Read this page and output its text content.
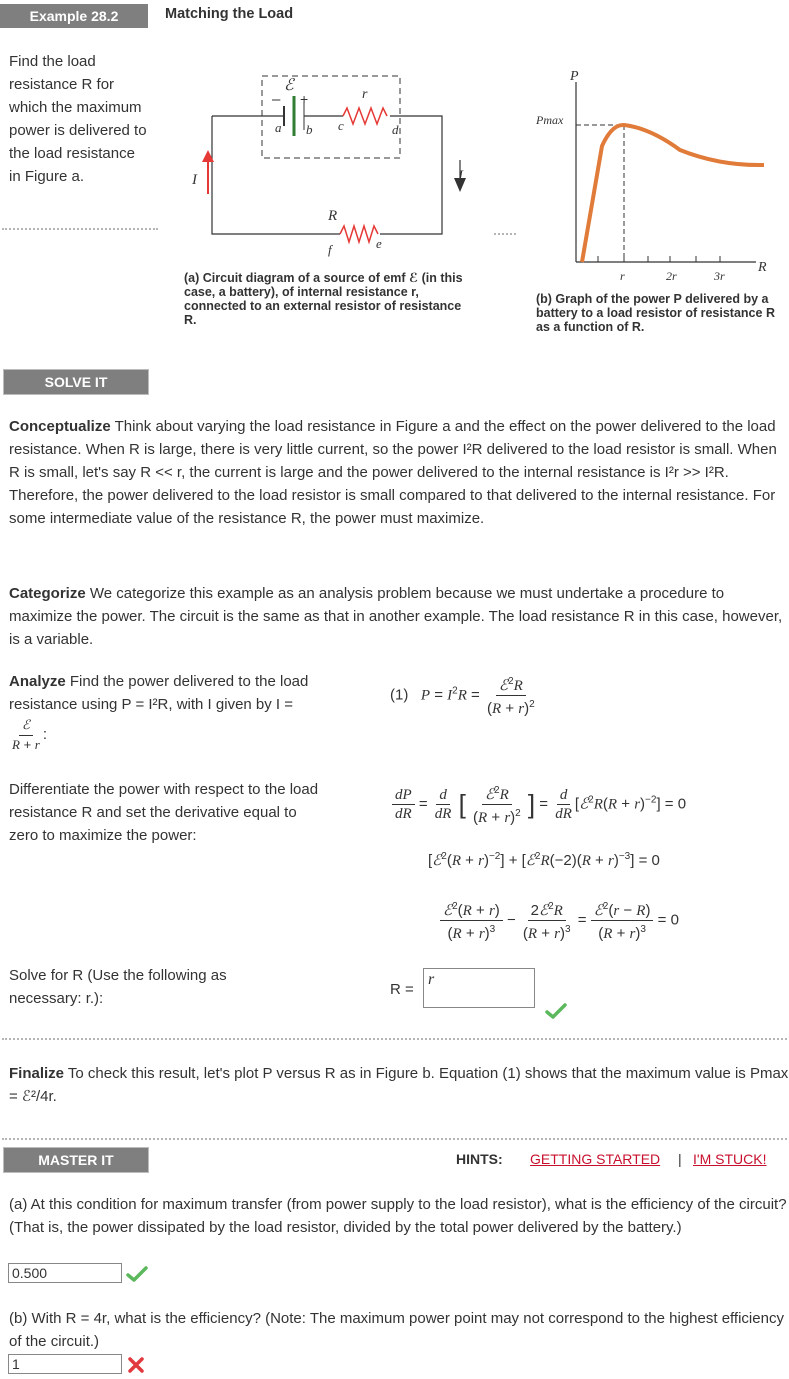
Example 28.2	Matching the Load
Find the load resistance R for which the maximum power is delivered to the load resistance in Figure a.
ℰ
– +	r
a b c	d
e
f
R
I	I
(a) Circuit diagram of a source of emf ℰ (in this case, a battery), of internal resistance r, connected to an external resistor of resistance R.
P
Pmax
R
r	2r	3r
(b) Graph of the power P delivered by a battery to a load resistor of resistance R as a function of R.
SOLVE IT
Conceptualize Think about varying the load resistance in Figure a and the effect on the power delivered to the load resistance. When R is large, there is very little current, so the power I²R delivered to the load resistor is small. When R is small, let's say R << r, the current is large and the power delivered to the internal resistance is I²r >> I²R. Therefore, the power delivered to the load resistor is small compared to that delivered to the internal resistance. For some intermediate value of the resistance R, the power must maximize.
Categorize We categorize this example as an analysis problem because we must undertake a procedure to maximize the power. The circuit is the same as that in another example. The load resistance R in this case, however, is a variable.
Analyze Find the power delivered to the load resistance using P = I²R, with I given by I =
$\frac{\text{ℰ}}{R + r}$ :
(1) $P = I^2R = \frac{ℰ^2R}{(R + r)^2}$
Differentiate the power with respect to the load resistance R and set the derivative equal to zero to maximize the power:
$\frac{dP}{dR} = \frac{d}{dR}$ [ $\frac{ℰ^2R}{(R + r)^2}$ ] = $\frac{d}{dR}$ [ℰ$^2$R(R + r)$^{-2}$] = 0
[ℰ$^2$(R + r)$^{-2}$] + [ℰ$^2$R(−2)(R + r)$^{-3}$] = 0
$\frac{ℰ^2(R + r)}{(R + r)^3} - \frac{2ℰ^2R}{(R + r)^3} = \frac{ℰ^2(r - R)}{(R + r)^3} = 0$
Solve for R (Use the following as necessary: r.):
R =
r
Finalize To check this result, let's plot P versus R as in Figure b. Equation (1) shows that the maximum value is Pmax = ℰ²/4r.
MASTER IT	HINTS: GETTING STARTED | I'M STUCK!
(a) At this condition for maximum transfer (from power supply to the load resistor), what is the efficiency of the circuit? (That is, the power dissipated by the load resistor, divided by the total power delivered by the battery.)
0.500
(b) With R = 4r, what is the efficiency? (Note: The maximum power point may not correspond to the highest efficiency of the circuit.)
1
